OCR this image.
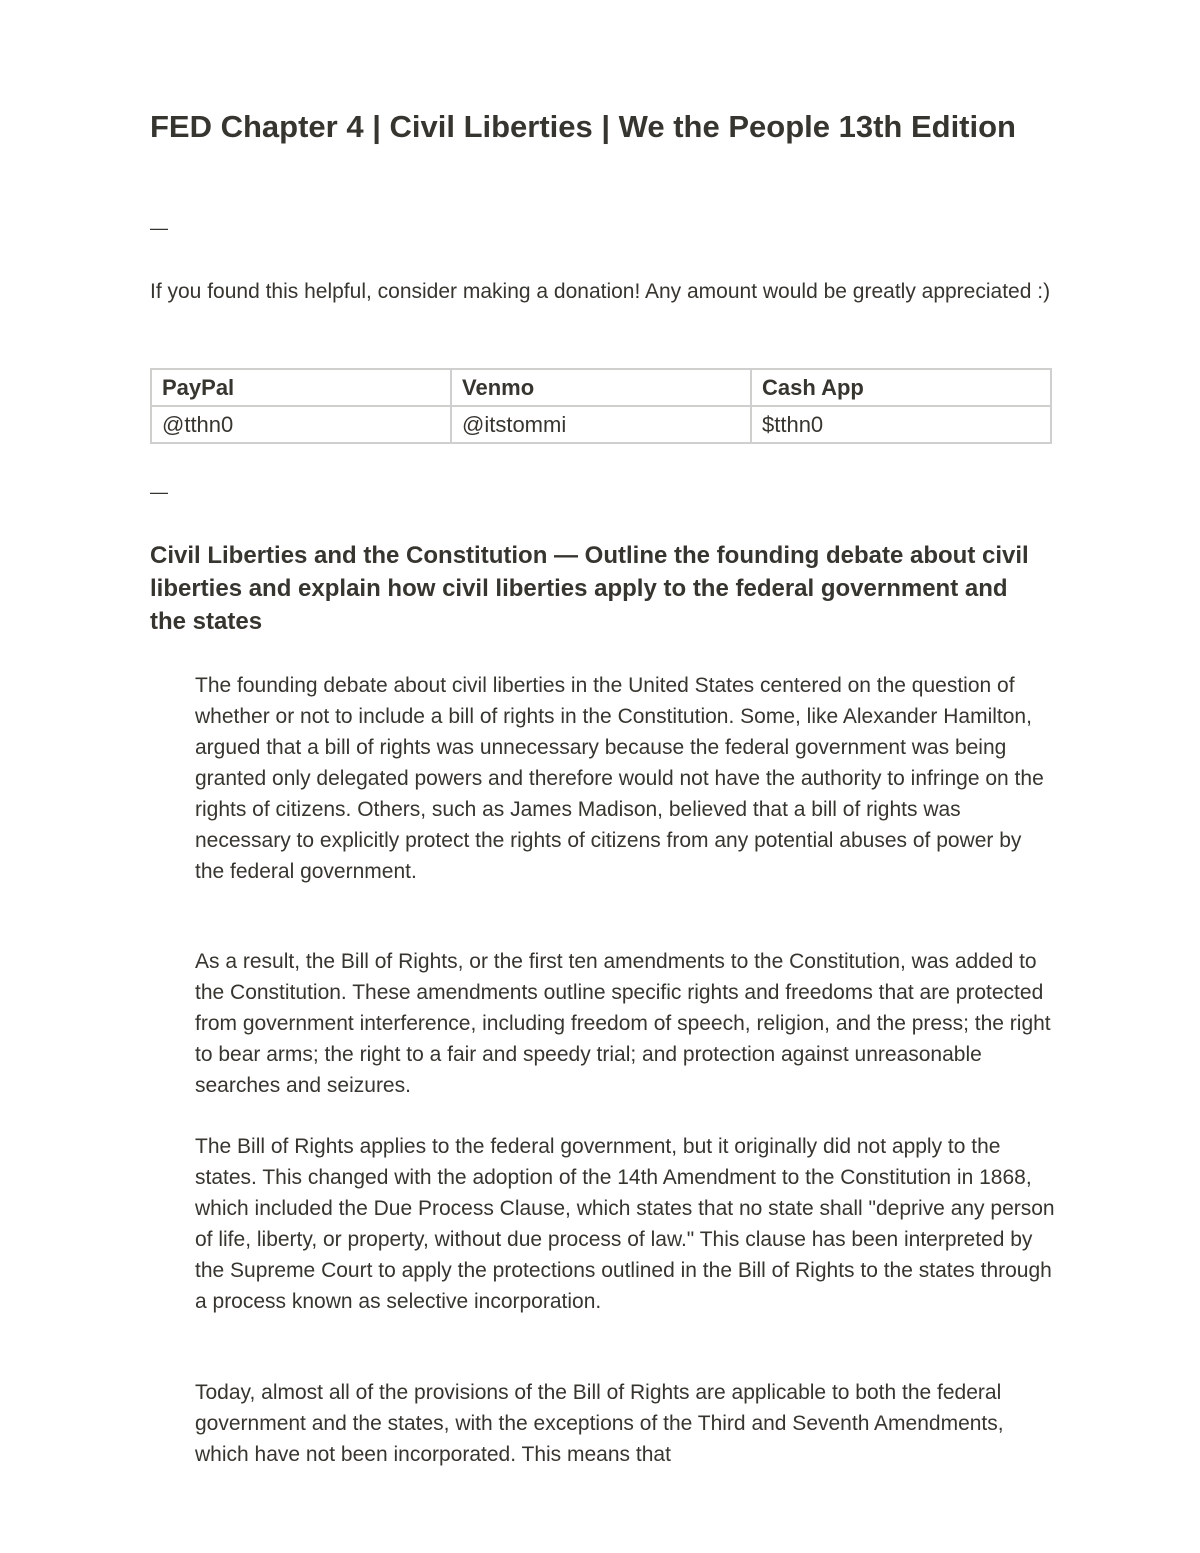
FED Chapter 4 | Civil Liberties | We the People 13th Edition
—

If you found this helpful, consider making a donation! Any amount would be greatly appreciated :)

PayPal	Venmo	Cash App
@tthn0	@itstommi	$tthn0
—
Civil Liberties and the Constitution — Outline the founding debate about civil liberties and explain how civil liberties apply to the federal government and the states

The founding debate about civil liberties in the United States centered on the question of whether or not to include a bill of rights in the Constitution. Some, like Alexander Hamilton, argued that a bill of rights was unnecessary because the federal government was being granted only delegated powers and therefore would not have the authority to infringe on the rights of citizens. Others, such as James Madison, believed that a bill of rights was necessary to explicitly protect the rights of citizens from any potential abuses of power by the federal government.

As a result, the Bill of Rights, or the first ten amendments to the Constitution, was added to the Constitution. These amendments outline specific rights and freedoms that are protected from government interference, including freedom of speech, religion, and the press; the right to bear arms; the right to a fair and speedy trial; and protection against unreasonable searches and seizures.

The Bill of Rights applies to the federal government, but it originally did not apply to the states. This changed with the adoption of the 14th Amendment to the Constitution in 1868, which included the Due Process Clause, which states that no state shall "deprive any person of life, liberty, or property, without due process of law." This clause has been interpreted by the Supreme Court to apply the protections outlined in the Bill of Rights to the states through a process known as selective incorporation.

Today, almost all of the provisions of the Bill of Rights are applicable to both the federal government and the states, with the exceptions of the Third and Seventh Amendments, which have not been incorporated. This means that
